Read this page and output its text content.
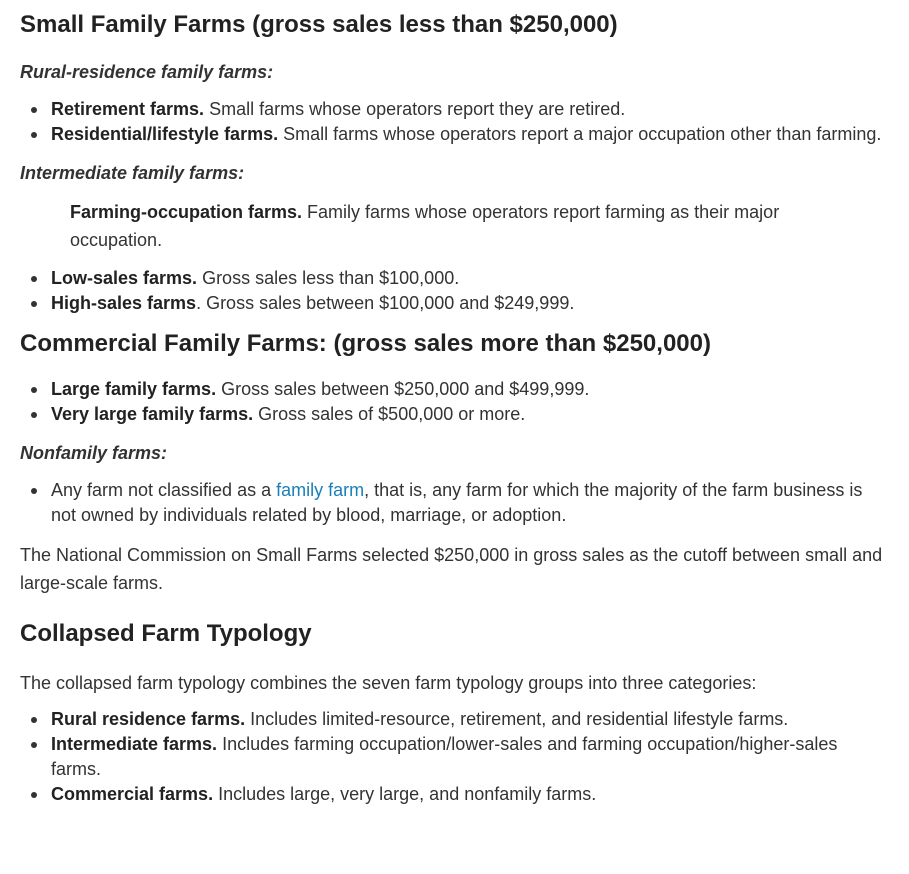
Small Family Farms (gross sales less than $250,000)

Rural-residence family farms:

Retirement farms. Small farms whose operators report they are retired.
Residential/lifestyle farms. Small farms whose operators report a major occupation other than farming.

Intermediate family farms:

Farming-occupation farms. Family farms whose operators report farming as their major occupation.

Low-sales farms. Gross sales less than $100,000.
High-sales farms. Gross sales between $100,000 and $249,999.
Commercial Family Farms: (gross sales more than $250,000)
Large family farms. Gross sales between $250,000 and $499,999.
Very large family farms. Gross sales of $500,000 or more.

Nonfamily farms:

Any farm not classified as a family farm, that is, any farm for which the majority of the farm business is not owned by individuals related by blood, marriage, or adoption.

The National Commission on Small Farms selected $250,000 in gross sales as the cutoff between small and large-scale farms.

Collapsed Farm Typology

The collapsed farm typology combines the seven farm typology groups into three categories:

Rural residence farms. Includes limited-resource, retirement, and residential lifestyle farms.
Intermediate farms. Includes farming occupation/lower-sales and farming occupation/higher-sales farms.
Commercial farms. Includes large, very large, and nonfamily farms.
